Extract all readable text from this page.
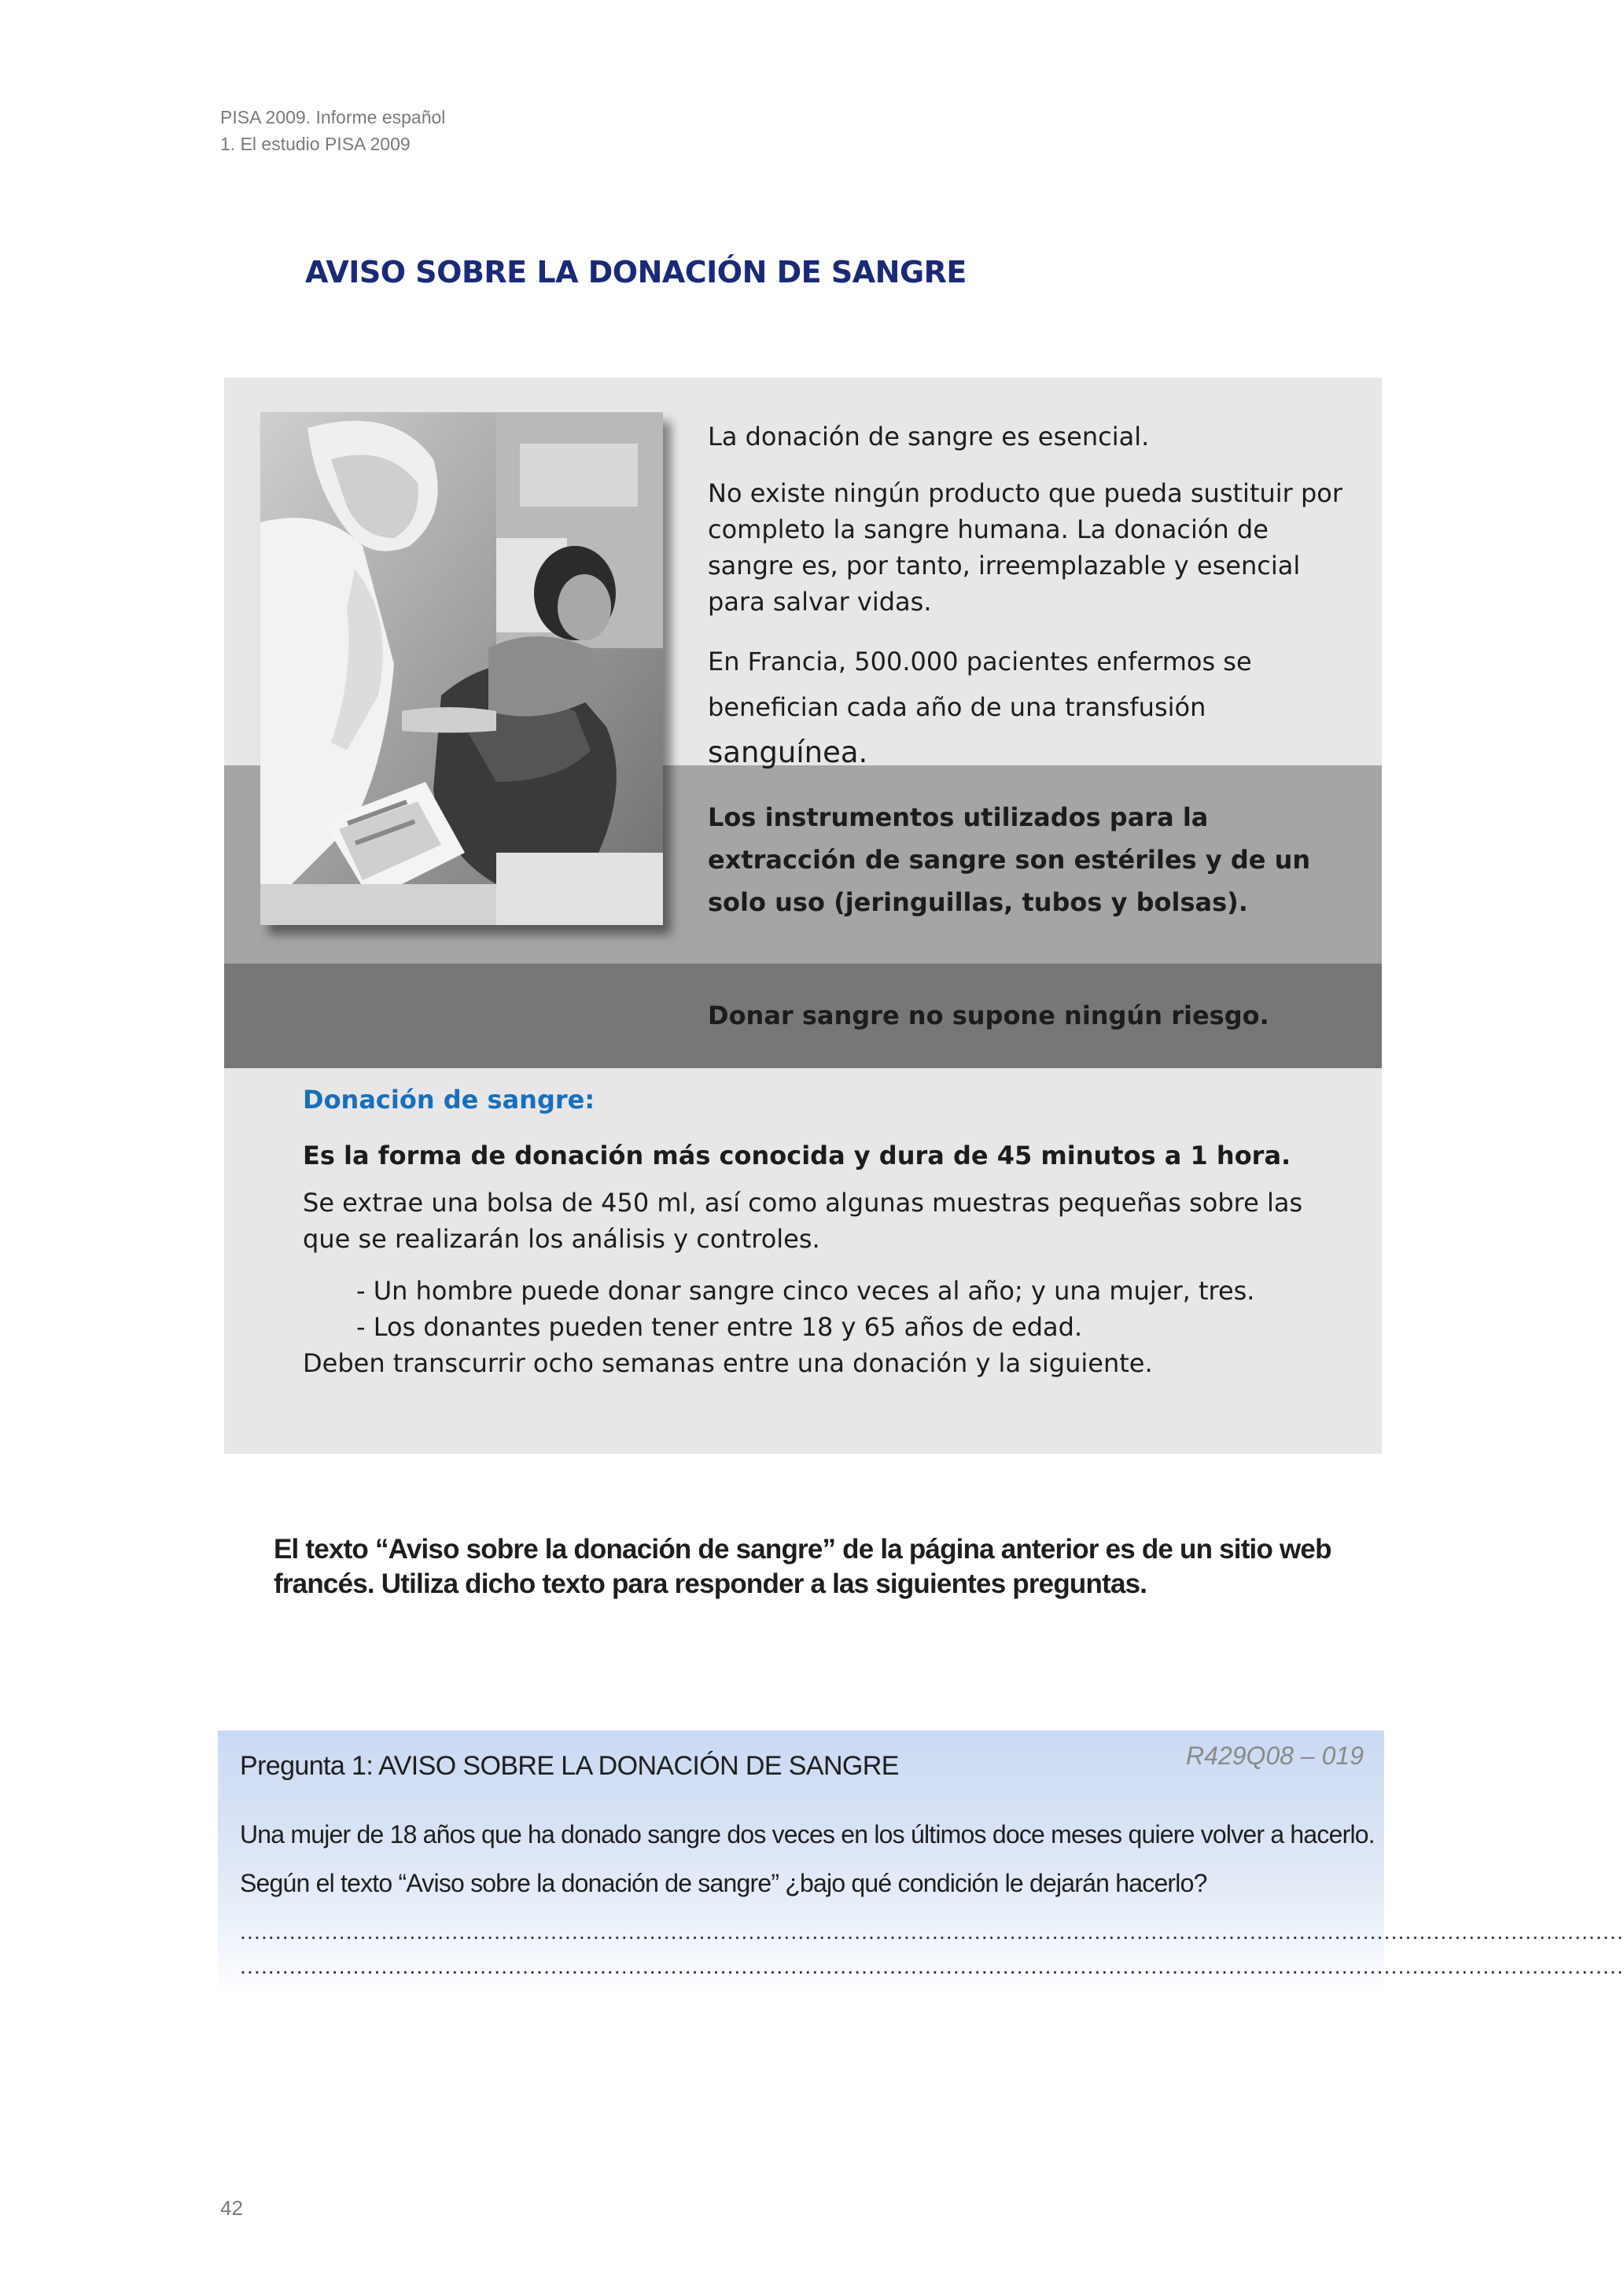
PISA 2009. Informe español
1. El estudio PISA 2009
AVISO SOBRE LA DONACIÓN DE SANGRE

La donación de sangre es esencial.

No existe ningún producto que pueda sustituir por completo la sangre humana. La donación de sangre es, por tanto, irreemplazable y esencial para salvar vidas.

En Francia, 500.000 pacientes enfermos se beneﬁcian cada año de una transfusión sanguínea.

Los instrumentos utilizados para la extracción de sangre son estériles y de un solo uso (jeringuillas, tubos y bolsas).

Donar sangre no supone ningún riesgo.

Donación de sangre:

Es la forma de donación más conocida y dura de 45 minutos a 1 hora.

Se extrae una bolsa de 450 ml, así como algunas muestras pequeñas sobre las que se realizarán los análisis y controles.

- Un hombre puede donar sangre cinco veces al año; y una mujer, tres.

- Los donantes pueden tener entre 18 y 65 años de edad.

Deben transcurrir ocho semanas entre una donación y la siguiente.

El texto “Aviso sobre la donación de sangre” de la página anterior es de un sitio web francés. Utiliza dicho texto para responder a las siguientes preguntas.
Pregunta 1: AVISO SOBRE LA DONACIÓN DE SANGRE	R429Q08 – 019
Una mujer de 18 años que ha donado sangre dos veces en los últimos doce meses quiere volver a hacerlo.
Según el texto “Aviso sobre la donación de sangre” ¿bajo qué condición le dejarán hacerlo?
....................................................................................................................................................................................................
....................................................................................................................................................................................................
42
